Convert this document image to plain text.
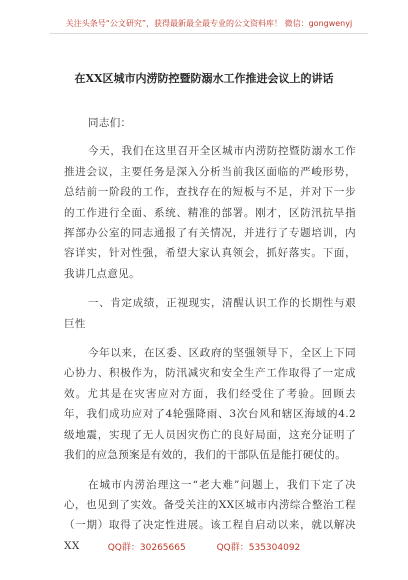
关注头条号“公文研究”，获得最新最全最专业的公文资料库！ 微信：gongwenyj
在XX区城市内涝防控暨防溺水工作推进会议上的讲话

同志们：

今天，我们在这里召开全区城市内涝防控暨防溺水工作推进会议，主要任务是深入分析当前我区面临的严峻形势，总结前一阶段的工作，查找存在的短板与不足，并对下一步的工作进行全面、系统、精准的部署。刚才，区防汛抗旱指挥部办公室的同志通报了有关情况，并进行了专题培训，内容详实，针对性强，希望大家认真领会，抓好落实。下面，我讲几点意见。

一、肯定成绩，正视现实，清醒认识工作的长期性与艰巨性

今年以来，在区委、区政府的坚强领导下，全区上下同心协力、积极作为，防汛减灾和安全生产工作取得了一定成效。尤其是在灾害应对方面，我们经受住了考验。回顾去年，我们成功应对了4轮强降雨、3次台风和辖区海域的4.2级地震，实现了无人员因灾伤亡的良好局面，这充分证明了我们的应急预案是有效的，我们的干部队伍是能打硬仗的。

在城市内涝治理这一“老大难”问题上，我们下定了决心，也见到了实效。备受关注的XX区城市内涝综合整治工程（一期）取得了决定性进展。该工程自启动以来，就以解决XX	QQ群：30265665	QQ群：535304092
